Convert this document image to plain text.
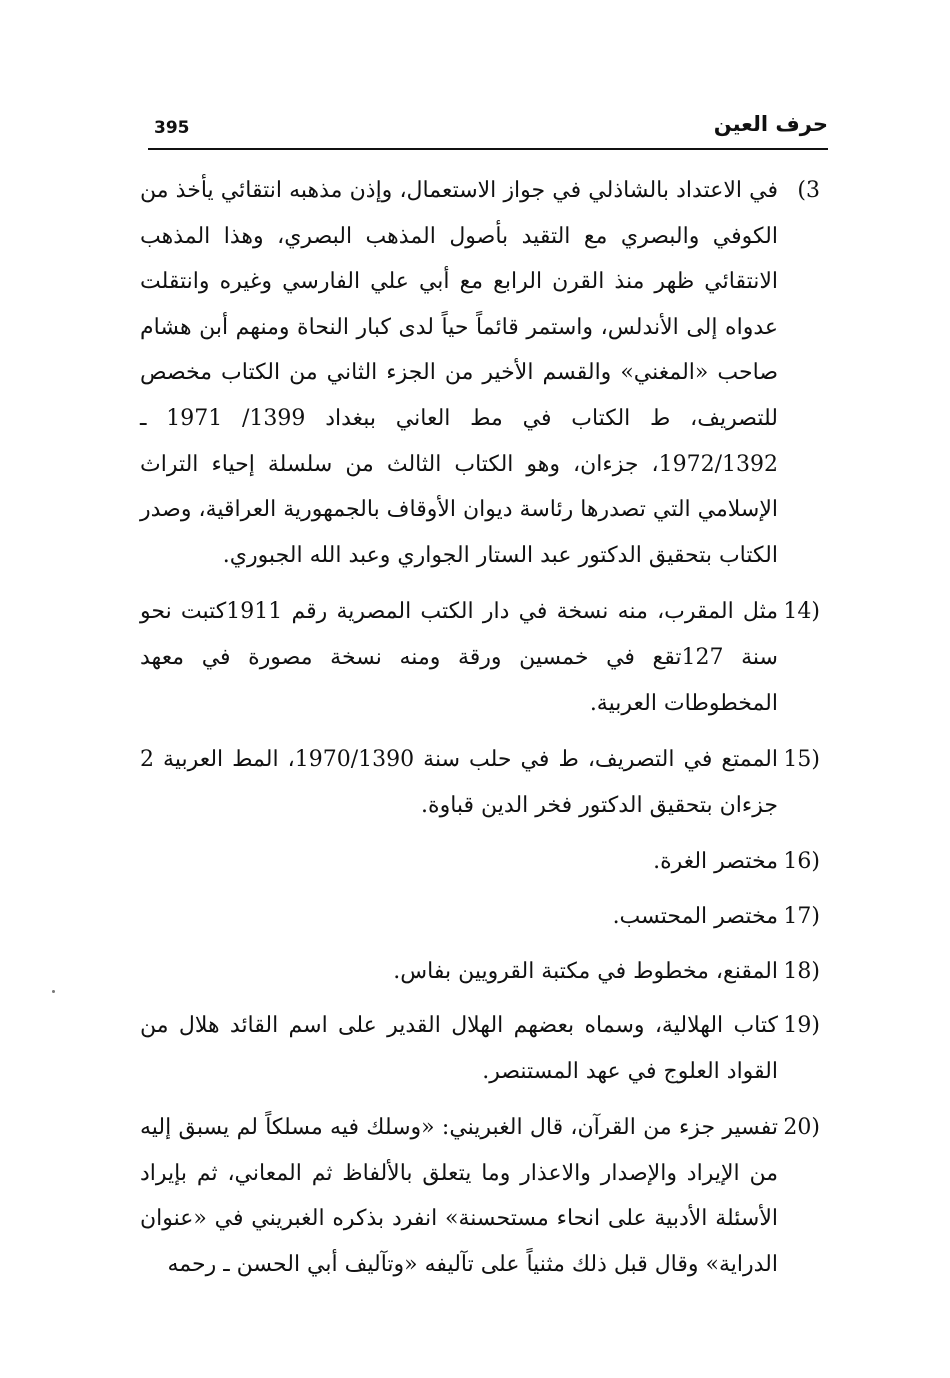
395	حرف العين
(3
في الاعتداد بالشاذلي في جواز الاستعمال، وإذن مذهبه انتقائي يأخذ من الكوفي والبصري مع التقيد بأصول المذهب البصري، وهذا المذهب الانتقائي ظهر منذ القرن الرابع مع أبي علي الفارسي وغيره وانتقلت عدواه إلى الأندلس، واستمر قائماً حياً لدى كبار النحاة ومنهم أبن هشام صاحب «المغني» والقسم الأخير من الجزء الثاني من الكتاب مخصص للتصريف، ط الكتاب في مط العاني ببغداد 1399/ 1971 ـ 1972/1392، جزءان، وهو الكتاب الثالث من سلسلة إحياء التراث الإسلامي التي تصدرها رئاسة ديوان الأوقاف بالجمهورية العراقية، وصدر الكتاب بتحقيق الدكتور عبد الستار الجواري وعبد الله الجبوري.
14)
مثل المقرب، منه نسخة في دار الكتب المصرية رقم 1911كتبت نحو سنة 127تقع في خمسين ورقة ومنه نسخة مصورة في معهد المخطوطات العربية.
15)
الممتع في التصريف، ط في حلب سنة 1970/1390، المط العربية 2 جزءان بتحقيق الدكتور فخر الدين قباوة.
16)
مختصر الغرة.
17)
مختصر المحتسب.
18)
المقنع، مخطوط في مكتبة القرويين بفاس.
19)
كتاب الهلالية، وسماه بعضهم الهلال القدير على اسم القائد هلال من القواد العلوج في عهد المستنصر.
20)
تفسير جزء من القرآن، قال الغبريني: «وسلك فيه مسلكاً لم يسبق إليه من الإيراد والإصدار والاعذار وما يتعلق بالألفاظ ثم المعاني، ثم بإيراد الأسئلة الأدبية على انحاء مستحسنة» انفرد بذكره الغبريني في «عنوان الدراية» وقال قبل ذلك مثنياً على تآليفه «وتآليف أبي الحسن ـ رحمه
